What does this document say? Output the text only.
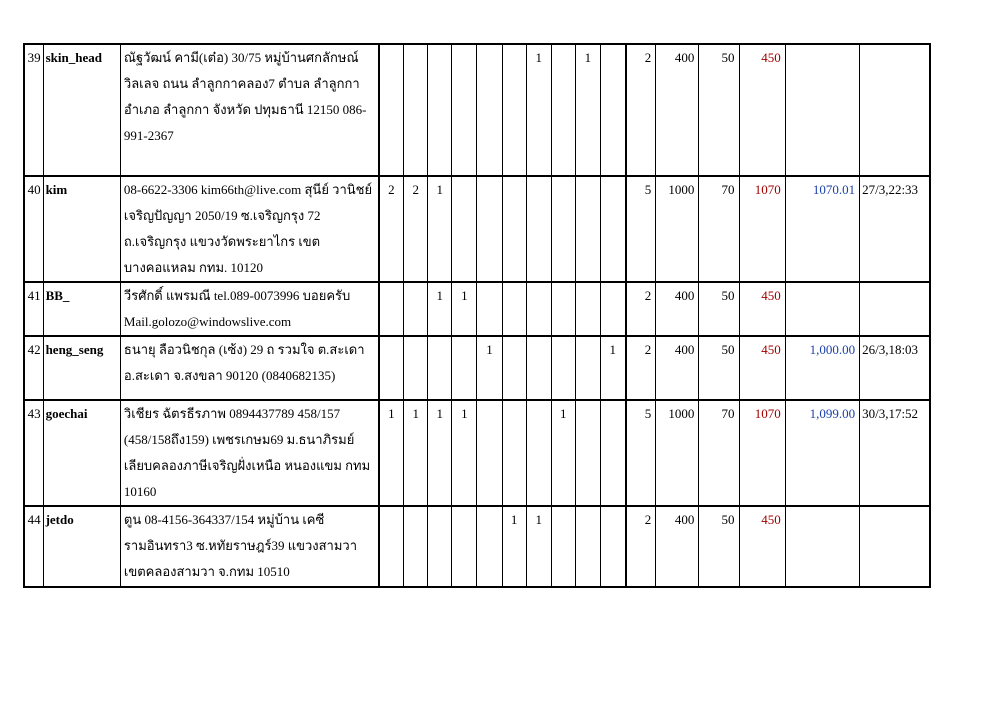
39	skin_head	ณัฐวัฒน์ คามี(เต๋อ) 30/75 หมู่บ้านศกลักษณ์วิลเลจ ถนน ลำลูกกาคลอง7 ตำบล ลำลูกกา อำเภอ ลำลูกกา จังหวัด ปทุมธานี 12150 086-991-2367							1		1		2	400	50	450		
40	kim	08-6622-3306 kim66th@live.com สุนีย์ วานิชย์เจริญปัญญา 2050/19 ซ.เจริญกรุง 72 ถ.เจริญกรุง แขวงวัดพระยาไกร เขตบางคอแหลม กทม. 10120	2	2	1								5	1000	70	1070	1070.01	27/3,22:33
41	BB_	วีรศักดิ์ แพรมณี tel.089-0073996 บอยครับ Mail.golozo@windowslive.com			1	1							2	400	50	450		
42	heng_seng	ธนายุ ลือวนิชกุล (เซ้ง) 29 ถ รวมใจ ต.สะเดา อ.สะเดา จ.สงขลา 90120 (0840682135)					1					1	2	400	50	450	1,000.00	26/3,18:03
43	goechai	วิเชียร ฉัตรธีรภาพ 0894437789 458/157 (458/158ถึง159) เพชรเกษม69 ม.ธนาภิรมย์ เลียบคลองภาษีเจริญฝั่งเหนือ หนองแขม กทม 10160	1	1	1	1				1			5	1000	70	1070	1,099.00	30/3,17:52
44	jetdo	ตูน 08-4156-364337/154 หมู่บ้าน เคซีรามอินทรา3 ซ.หทัยราษฎร์39 แขวงสามวา เขตคลองสามวา จ.กทม 10510						1	1				2	400	50	450		
